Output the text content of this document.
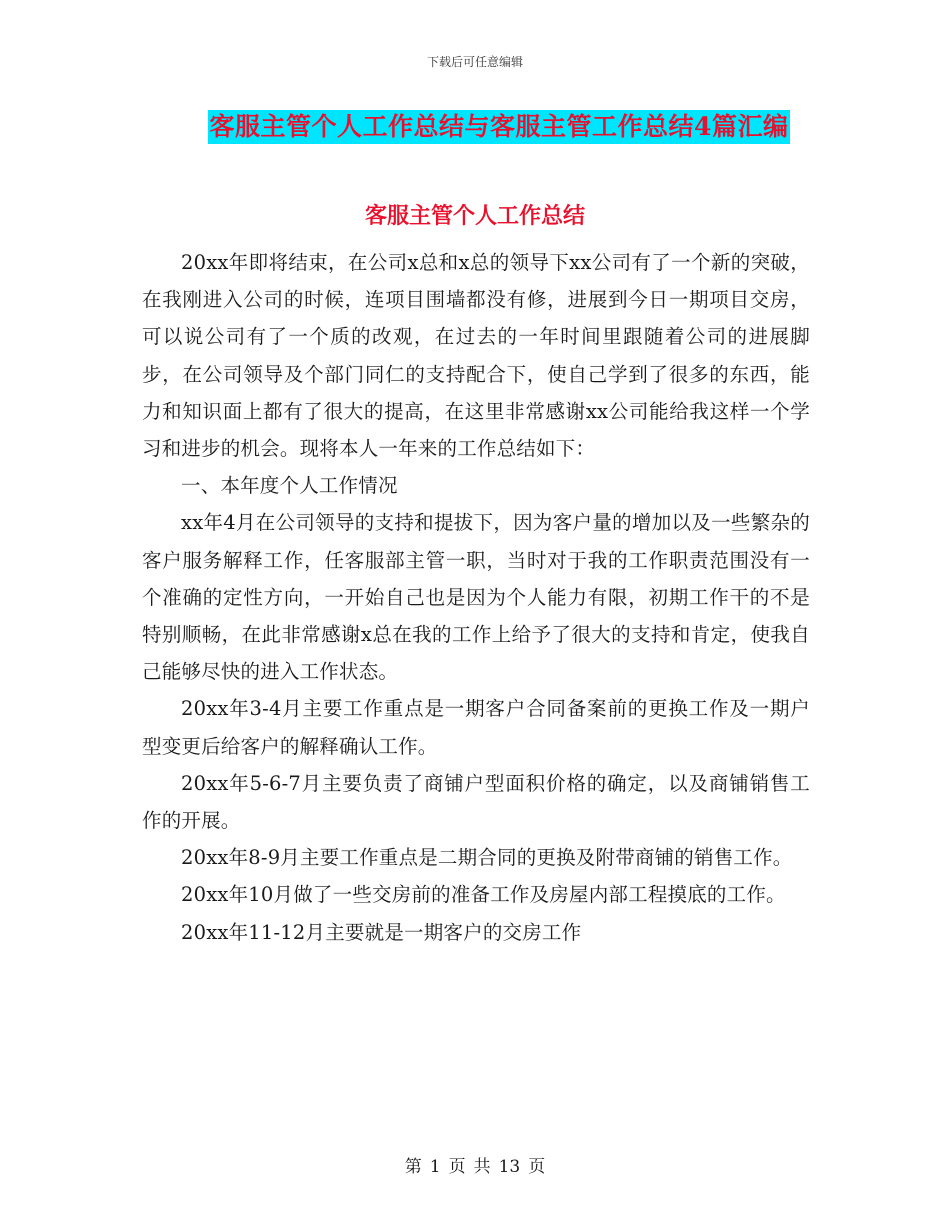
下载后可任意编辑
客服主管个人工作总结与客服主管工作总结4篇汇编
客服主管个人工作总结

20xx年即将结束，在公司x总和x总的领导下xx公司有了一个新的突破，在我刚进入公司的时候，连项目围墙都没有修，进展到今日一期项目交房，可以说公司有了一个质的改观，在过去的一年时间里跟随着公司的进展脚步，在公司领导及个部门同仁的支持配合下，使自己学到了很多的东西，能力和知识面上都有了很大的提高，在这里非常感谢xx公司能给我这样一个学习和进步的机会。现将本人一年来的工作总结如下：

一、本年度个人工作情况

xx年4月在公司领导的支持和提拔下，因为客户量的增加以及一些繁杂的客户服务解释工作，任客服部主管一职，当时对于我的工作职责范围没有一个准确的定性方向，一开始自己也是因为个人能力有限，初期工作干的不是特别顺畅，在此非常感谢x总在我的工作上给予了很大的支持和肯定，使我自己能够尽快的进入工作状态。

20xx年3-4月主要工作重点是一期客户合同备案前的更换工作及一期户型变更后给客户的解释确认工作。

20xx年5-6-7月主要负责了商铺户型面积价格的确定，以及商铺销售工作的开展。

20xx年8-9月主要工作重点是二期合同的更换及附带商铺的销售工作。

20xx年10月做了一些交房前的准备工作及房屋内部工程摸底的工作。

20xx年11-12月主要就是一期客户的交房工作

第 1 页 共 13 页
